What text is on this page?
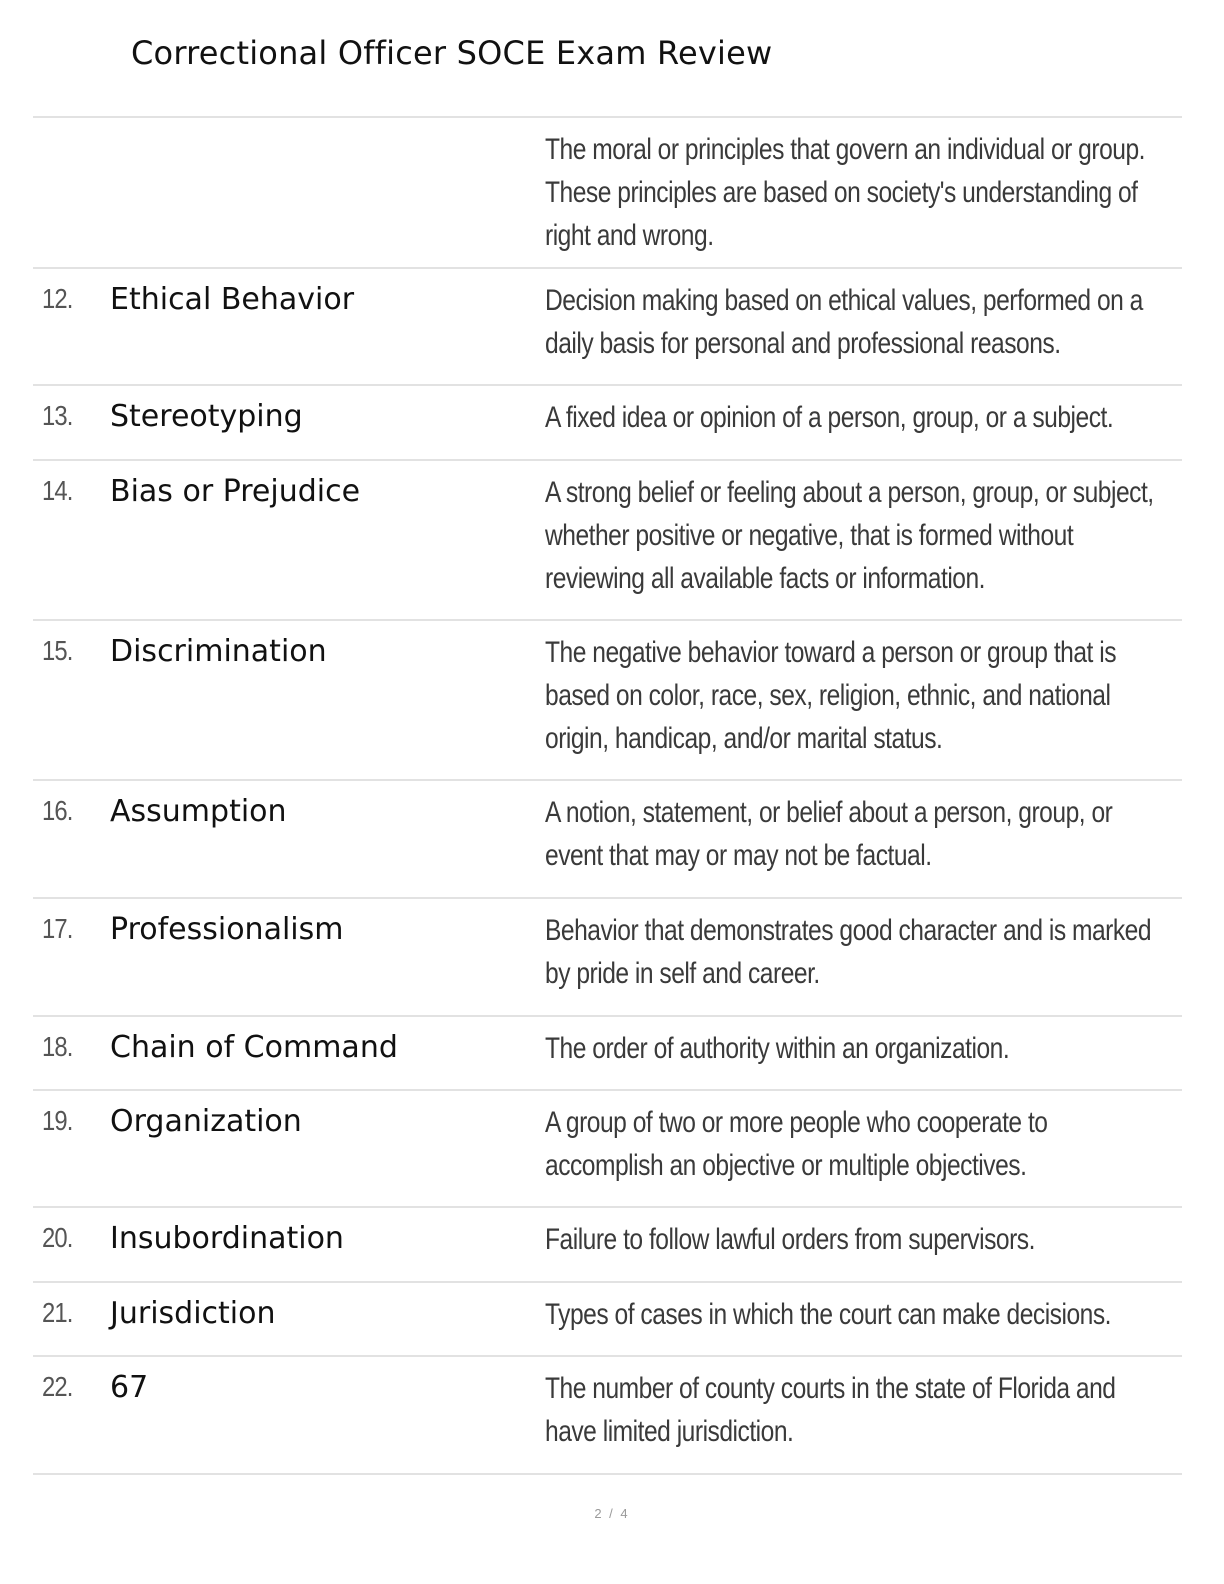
Correctional Officer SOCE Exam Review
The moral or principles that govern an individual or group. These principles are based on society's understanding of right and wrong.
12. Ethical Behavior	Decision making based on ethical values, performed on a daily basis for personal and professional reasons.
13. Stereotyping	A fixed idea or opinion of a person, group, or a subject.
14. Bias or Prejudice	A strong belief or feeling about a person, group, or subject, whether positive or negative, that is formed without reviewing all available facts or information.
15. Discrimination	The negative behavior toward a person or group that is based on color, race, sex, religion, ethnic, and national origin, handicap, and/or marital status.
16. Assumption	A notion, statement, or belief about a person, group, or event that may or may not be factual.
17. Professionalism	Behavior that demonstrates good character and is marked by pride in self and career.
18. Chain of Command	The order of authority within an organization.
19. Organization	A group of two or more people who cooperate to accomplish an objective or multiple objectives.
20. Insubordination	Failure to follow lawful orders from supervisors.
21. Jurisdiction	Types of cases in which the court can make decisions.
22. 67	The number of county courts in the state of Florida and have limited jurisdiction.
2 / 4
